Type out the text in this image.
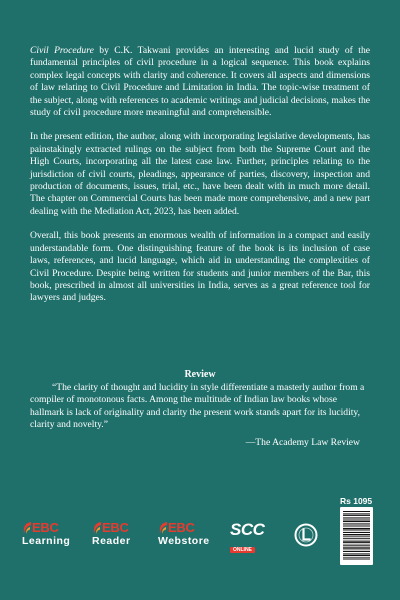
Civil Procedure by C.K. Takwani provides an interesting and lucid study of the fundamental principles of civil procedure in a logical sequence. This book explains complex legal concepts with clarity and coherence. It covers all aspects and dimensions of law relating to Civil Procedure and Limitation in India. The topic-wise treatment of the subject, along with references to academic writings and judicial decisions, makes the study of civil procedure more meaningful and comprehensible.

In the present edition, the author, along with incorporating legislative developments, has painstakingly extracted rulings on the subject from both the Supreme Court and the High Courts, incorporating all the latest case law. Further, principles relating to the jurisdiction of civil courts, pleadings, appearance of parties, discovery, inspection and production of documents, issues, trial, etc., have been dealt with in much more detail. The chapter on Commercial Courts has been made more comprehensive, and a new part dealing with the Mediation Act, 2023, has been added.

Overall, this book presents an enormous wealth of information in a compact and easily understandable form. One distinguishing feature of the book is its inclusion of case laws, references, and lucid language, which aid in understanding the complexities of Civil Procedure. Despite being written for students and junior members of the Bar, this book, prescribed in almost all universities in India, serves as a great reference tool for lawyers and judges.

Review

“The clarity of thought and lucidity in style differentiate a masterly author from a compiler of monotonous facts. Among the multitude of Indian law books whose hallmark is lack of originality and clarity the present work stands apart for its lucidity, clarity and novelty.”

—The Academy Law Review

EBC
Learning
EBC
Reader
EBC
Webstore
SCC
ONLINE
Rs 1095
